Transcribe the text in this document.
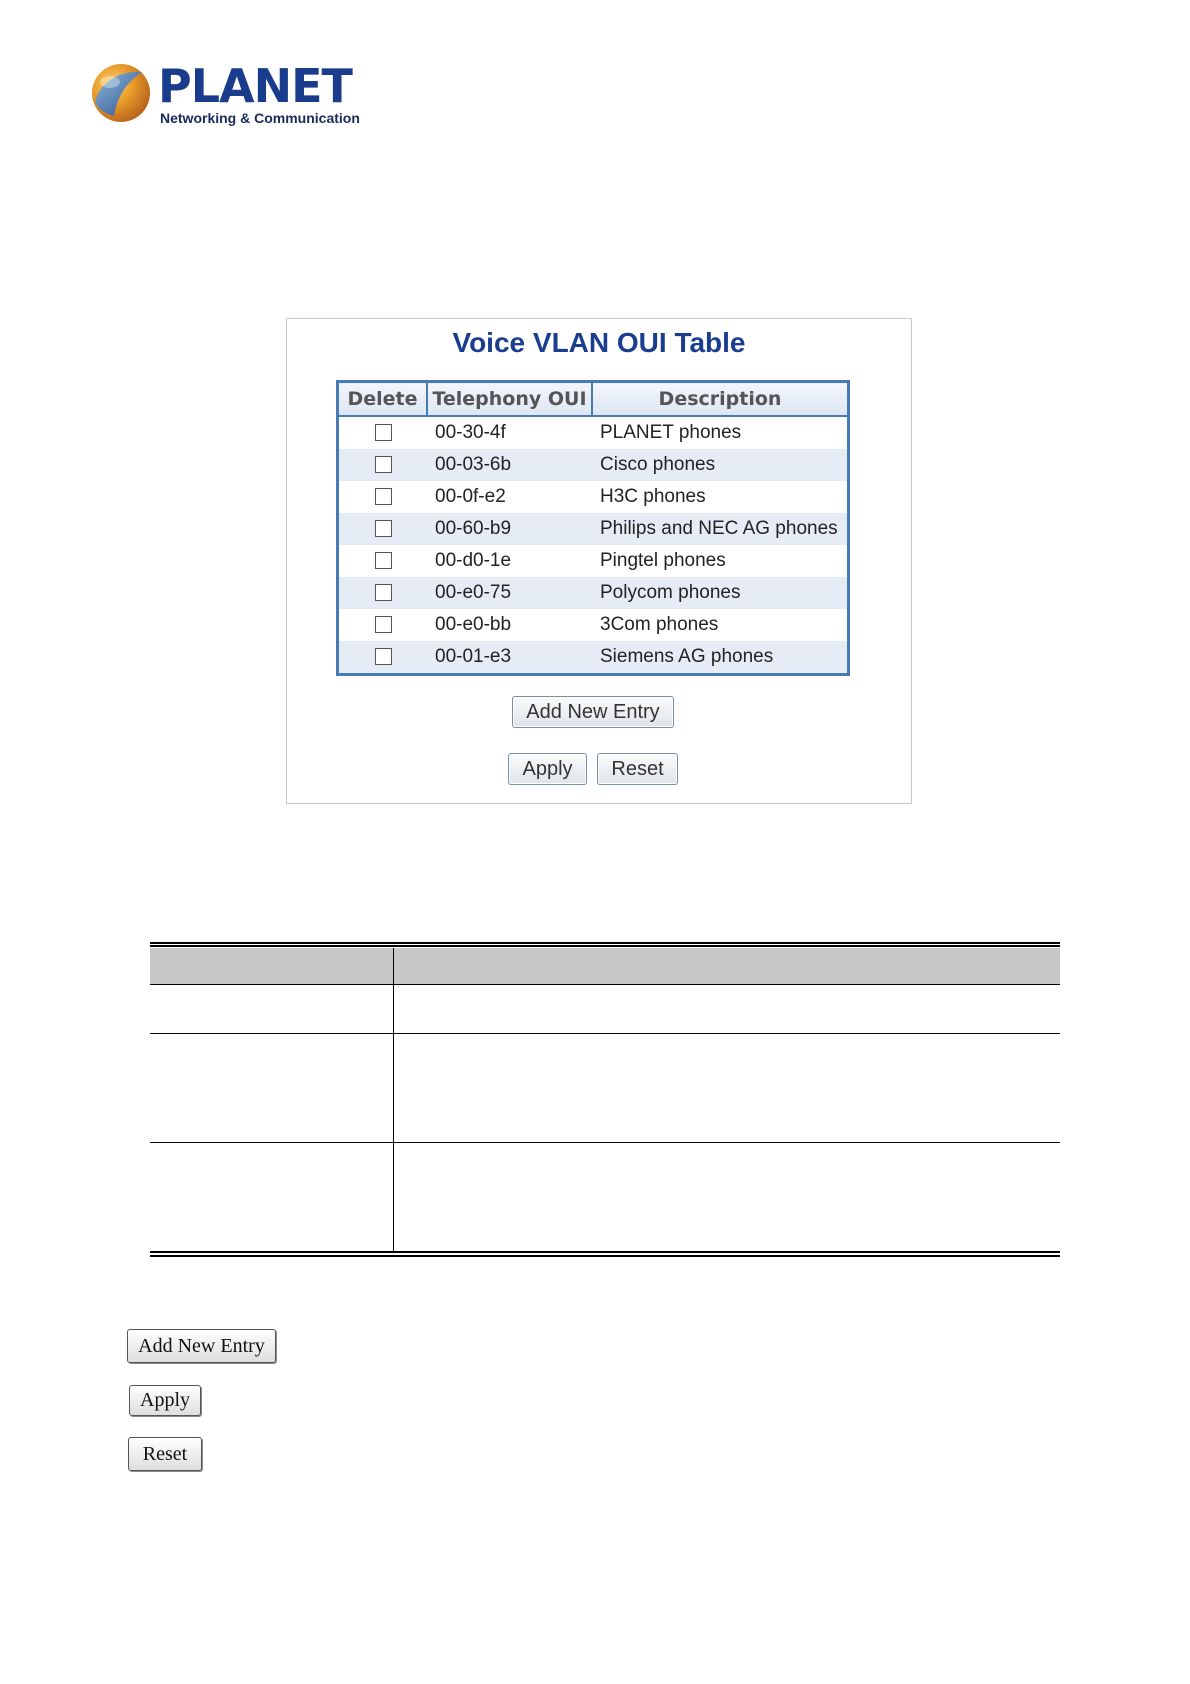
PLANET
Networking & Communication
Voice VLAN OUI Table
Delete	Telephony OUI	Description
	00-30-4f	PLANET phones
	00-03-6b	Cisco phones
	00-0f-e2	H3C phones
	00-60-b9	Philips and NEC AG phones
	00-d0-1e	Pingtel phones
	00-e0-75	Polycom phones
	00-e0-bb	3Com phones
	00-01-e3	Siemens AG phones
Add New Entry
Apply	Reset
Add New Entry
Apply
Reset
